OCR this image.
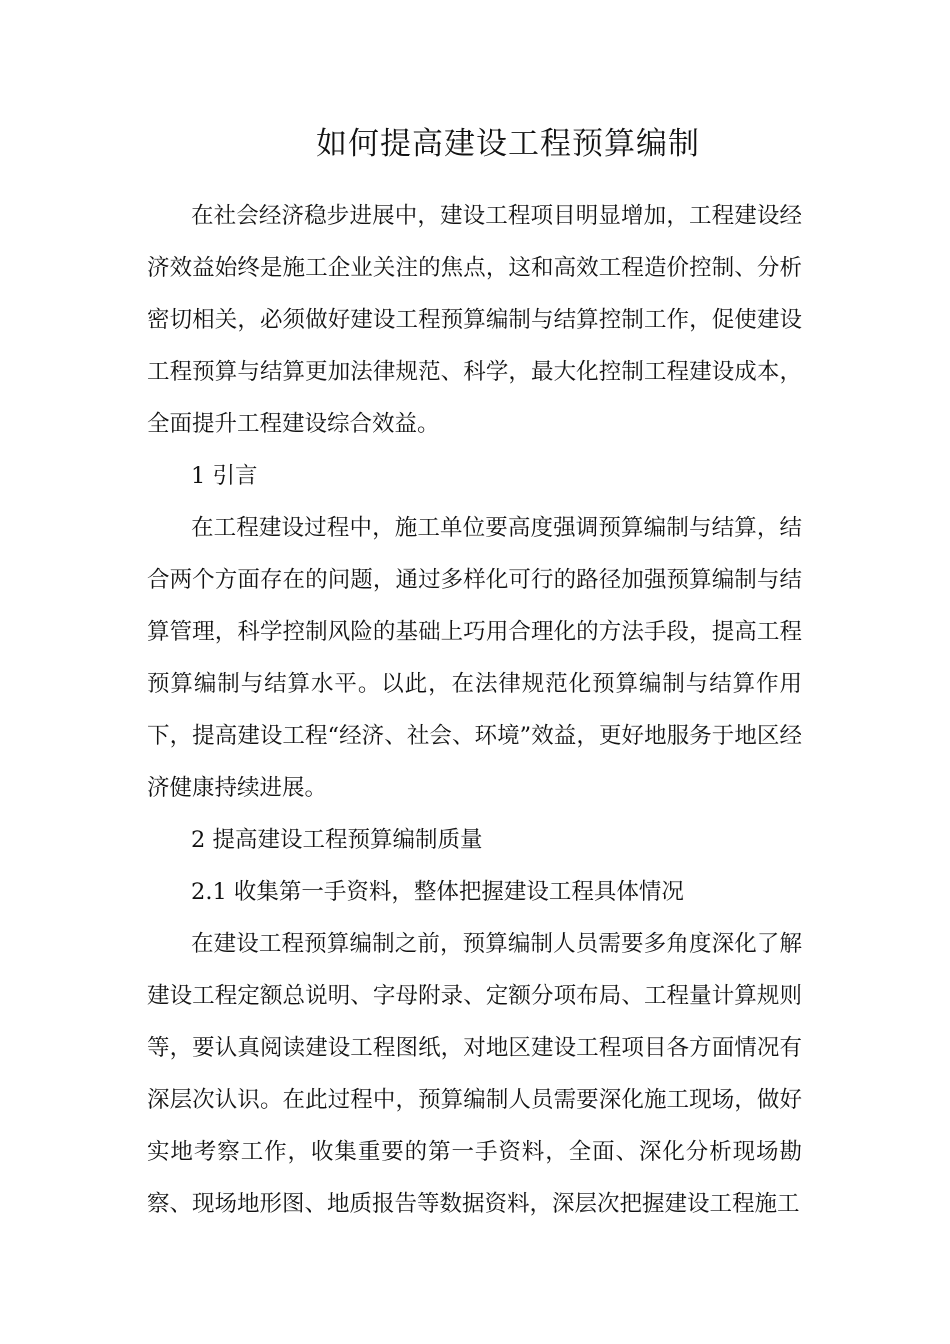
如何提高建设工程预算编制

在社会经济稳步进展中，建设工程项目明显增加，工程建设经济效益始终是施工企业关注的焦点，这和高效工程造价控制、分析密切相关，必须做好建设工程预算编制与结算控制工作，促使建设工程预算与结算更加法律规范、科学，最大化控制工程建设成本，全面提升工程建设综合效益。

1 引言

在工程建设过程中，施工单位要高度强调预算编制与结算，结合两个方面存在的问题，通过多样化可行的路径加强预算编制与结算管理，科学控制风险的基础上巧用合理化的方法手段，提高工程预算编制与结算水平。以此，在法律规范化预算编制与结算作用下，提高建设工程“经济、社会、环境”效益，更好地服务于地区经济健康持续进展。

2 提高建设工程预算编制质量

2.1 收集第一手资料，整体把握建设工程具体情况

在建设工程预算编制之前，预算编制人员需要多角度深化了解建设工程定额总说明、字母附录、定额分项布局、工程量计算规则等，要认真阅读建设工程图纸，对地区建设工程项目各方面情况有深层次认识。在此过程中，预算编制人员需要深化施工现场，做好实地考察工作，收集重要的第一手资料，全面、深化分析现场勘察、现场地形图、地质报告等数据资料，深层次把握建设工程施工
